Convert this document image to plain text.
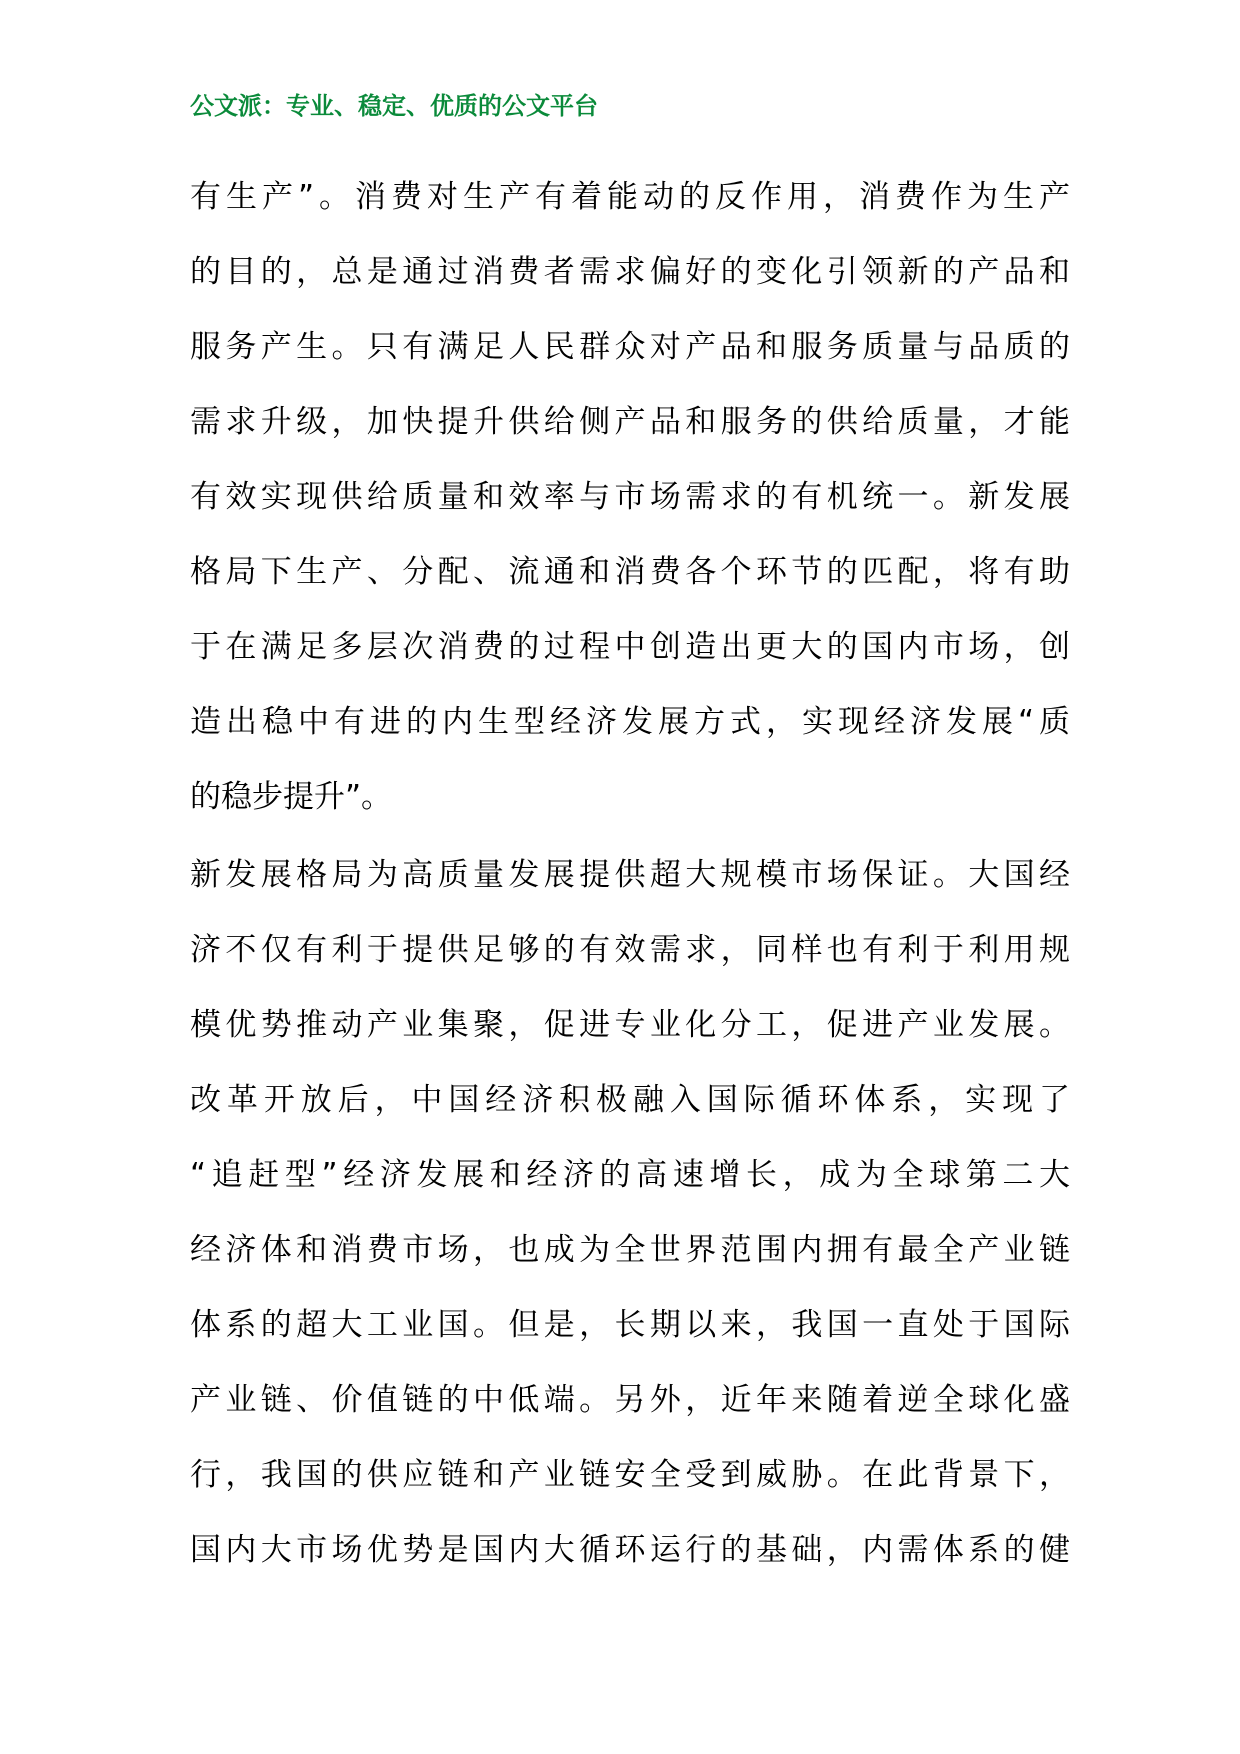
公文派：专业、稳定、优质的公文平台
有生产”。消费对生产有着能动的反作用，消费作为生产
的目的，总是通过消费者需求偏好的变化引领新的产品和
服务产生。只有满足人民群众对产品和服务质量与品质的
需求升级，加快提升供给侧产品和服务的供给质量，才能
有效实现供给质量和效率与市场需求的有机统一。新发展
格局下生产、分配、流通和消费各个环节的匹配，将有助
于在满足多层次消费的过程中创造出更大的国内市场，创
造出稳中有进的内生型经济发展方式，实现经济发展“质
的稳步提升”。
新发展格局为高质量发展提供超大规模市场保证。大国经
济不仅有利于提供足够的有效需求，同样也有利于利用规
模优势推动产业集聚，促进专业化分工，促进产业发展。
改革开放后，中国经济积极融入国际循环体系，实现了
“追赶型”经济发展和经济的高速增长，成为全球第二大
经济体和消费市场，也成为全世界范围内拥有最全产业链
体系的超大工业国。但是，长期以来，我国一直处于国际
产业链、价值链的中低端。另外，近年来随着逆全球化盛
行，我国的供应链和产业链安全受到威胁。在此背景下，
国内大市场优势是国内大循环运行的基础，内需体系的健
